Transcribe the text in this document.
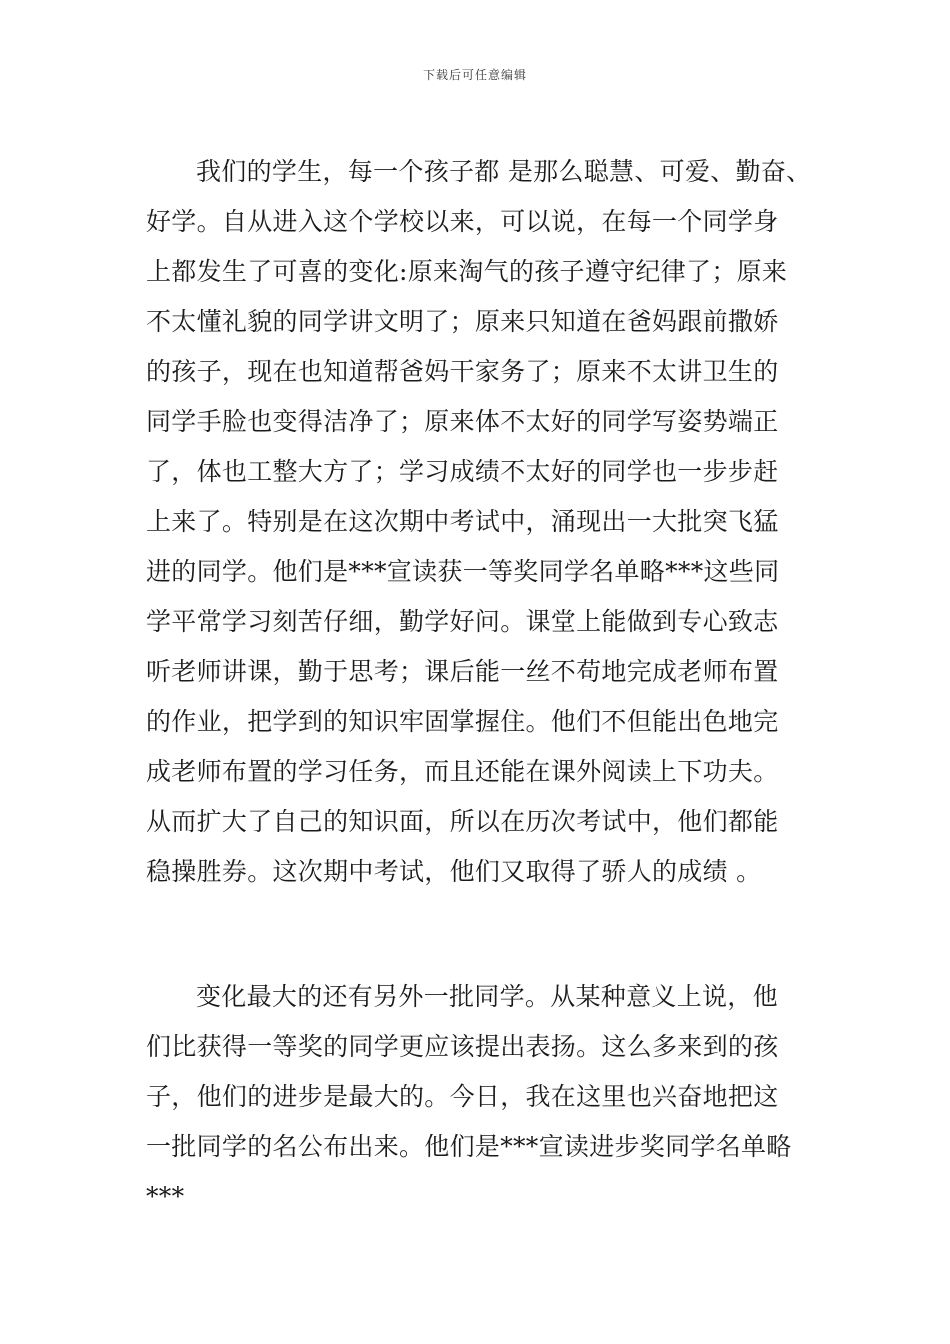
下载后可任意编辑
我们的学生，每一个孩子都 是那么聪慧、可爱、勤奋、
好学。自从进入这个学校以来，可以说，在每一个同学身
上都发生了可喜的变化:原来淘气的孩子遵守纪律了；原来
不太懂礼貌的同学讲文明了；原来只知道在爸妈跟前撒娇
的孩子，现在也知道帮爸妈干家务了；原来不太讲卫生的
同学手脸也变得洁净了；原来体不太好的同学写姿势端正
了，体也工整大方了；学习成绩不太好的同学也一步步赶
上来了。特别是在这次期中考试中，涌现出一大批突飞猛
进的同学。他们是***宣读获一等奖同学名单略***这些同
学平常学习刻苦仔细，勤学好问。课堂上能做到专心致志
听老师讲课，勤于思考；课后能一丝不苟地完成老师布置
的作业，把学到的知识牢固掌握住。他们不但能出色地完
成老师布置的学习任务，而且还能在课外阅读上下功夫。
从而扩大了自己的知识面，所以在历次考试中，他们都能
稳操胜券。这次期中考试，他们又取得了骄人的成绩 。
变化最大的还有另外一批同学。从某种意义上说，他
们比获得一等奖的同学更应该提出表扬。这么多来到的孩
子，他们的进步是最大的。今日，我在这里也兴奋地把这
一批同学的名公布出来。他们是***宣读进步奖同学名单略
***
